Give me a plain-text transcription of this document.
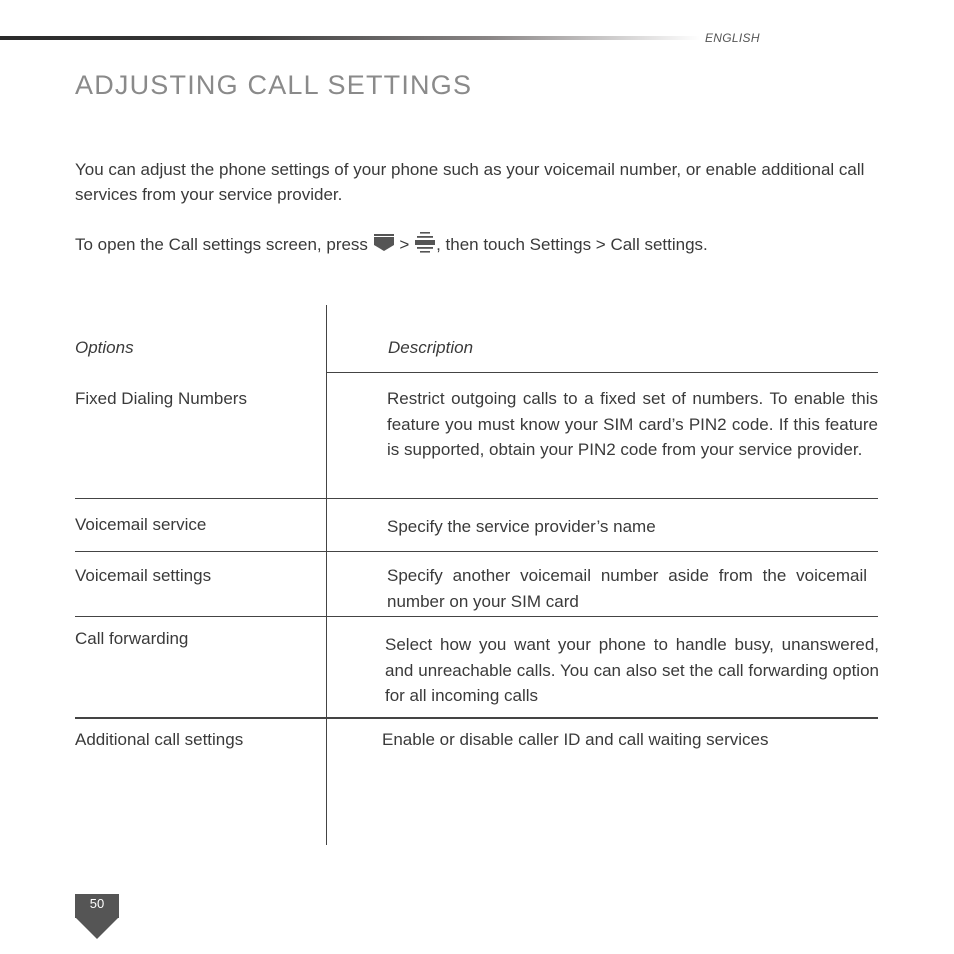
ENGLISH
ADJUSTING CALL SETTINGS

You can adjust the phone settings of your phone such as your voicemail number, or enable additional call services from your service provider.

To open the Call settings screen, press > , then touch Settings > Call settings.

Options	Description
Fixed Dialing Numbers	Restrict outgoing calls to a fixed set of numbers. To enable this feature you must know your SIM card’s PIN2 code. If this feature is supported, obtain your PIN2 code from your service provider.
Voicemail service	Specify the service provider’s name
Voicemail settings	Specify another voicemail number aside from the voicemail number on your SIM card
Call forwarding	Select how you want your phone to handle busy, unanswered, and unreachable calls. You can also set the call forwarding option for all incoming calls
Additional call settings	Enable or disable caller ID and call waiting services
50
